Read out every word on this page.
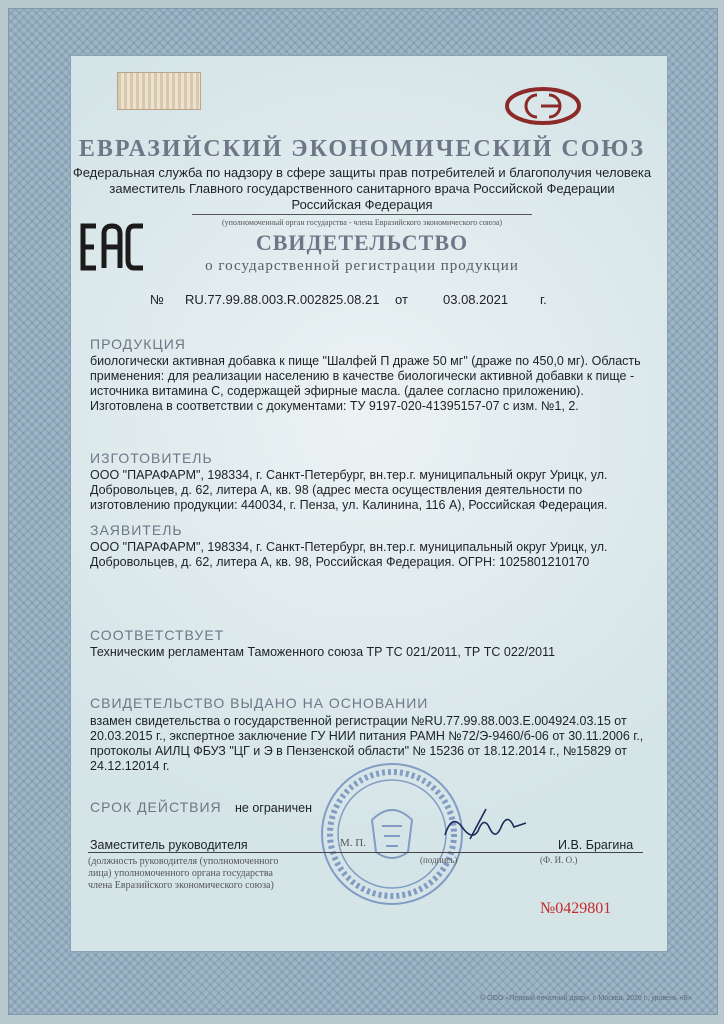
ЕВРАЗИЙСКИЙ ЭКОНОМИЧЕСКИЙ СОЮЗ
Федеральная служба по надзору в сфере защиты прав потребителей и благополучия человека
заместитель Главного государственного санитарного врача Российской Федерации
Российская Федерация
(уполномоченный орган государства - члена Евразийского экономического союза)
СВИДЕТЕЛЬСТВО
о государственной регистрации продукции
№ RU.77.99.88.003.R.002825.08.21 от	03.08.2021 г.
ПРОДУКЦИЯ
биологически активная добавка к пище "Шалфей П драже 50 мг" (драже по 450,0 мг). Область применения: для реализации населению в качестве биологически активной добавки к пище - источника витамина С, содержащей эфирные масла. (далее согласно приложению). Изготовлена в соответствии с документами: ТУ 9197-020-41395157-07 с изм. №1, 2.
ИЗГОТОВИТЕЛЬ
ООО "ПАРАФАРМ", 198334, г. Санкт-Петербург, вн.тер.г. муниципальный округ Урицк, ул. Добровольцев, д. 62, литера А, кв. 98 (адрес места осуществления деятельности по изготовлению продукции: 440034, г. Пенза, ул. Калинина, 116 А), Российская Федерация.
ЗАЯВИТЕЛЬ
ООО "ПАРАФАРМ", 198334, г. Санкт-Петербург, вн.тер.г. муниципальный округ Урицк, ул. Добровольцев, д. 62, литера А, кв. 98, Российская Федерация. ОГРН: 1025801210170
СООТВЕТСТВУЕТ
Техническим регламентам Таможенного союза ТР ТС 021/2011, ТР ТС 022/2011
СВИДЕТЕЛЬСТВО ВЫДАНО НА ОСНОВАНИИ
взамен свидетельства о государственной регистрации №RU.77.99.88.003.Е.004924.03.15 от 20.03.2015 г., экспертное заключение ГУ НИИ питания РАМН №72/Э-9460/б-06 от 30.11.2006 г., протоколы АИЛЦ ФБУЗ "ЦГ и Э в Пензенской области" № 15236 от 18.12.2014 г., №15829 от 24.12.12014 г.
СРОК ДЕЙСТВИЯ не ограничен
Заместитель руководителя	И.В. Брагина
М. П.
(подпись)	(Ф. И. О.)
(должность руководителя (уполномоченного
лица) уполномоченного органа государства
члена Евразийского экономического союза)
№0429801
© ООО «Первый печатный двор», г. Москва, 2020 г., уровень «В»
